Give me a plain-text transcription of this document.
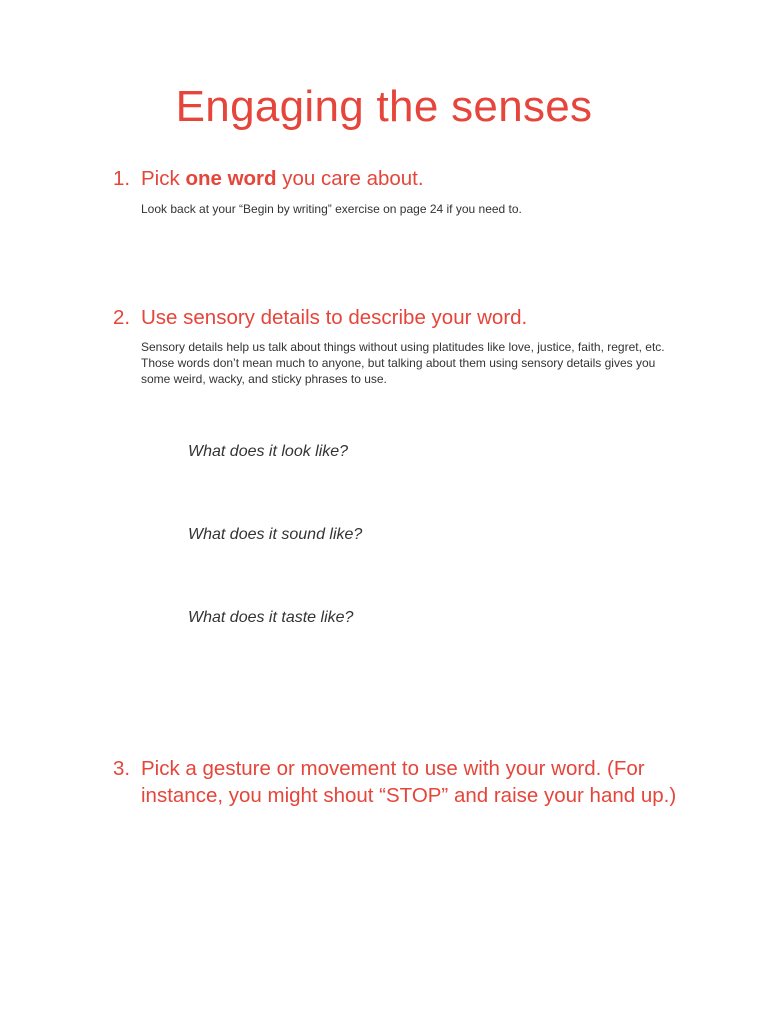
Engaging the senses
1. Pick one word you care about.
Look back at your “Begin by writing” exercise on page 24 if you need to.
2. Use sensory details to describe your word.
Sensory details help us talk about things without using platitudes like love, justice, faith, regret, etc. Those words don’t mean much to anyone, but talking about them using sensory details gives you some weird, wacky, and sticky phrases to use.
What does it look like?
What does it sound like?
What does it taste like?
3. Pick a gesture or movement to use with your word. (For instance, you might shout “STOP” and raise your hand up.)
